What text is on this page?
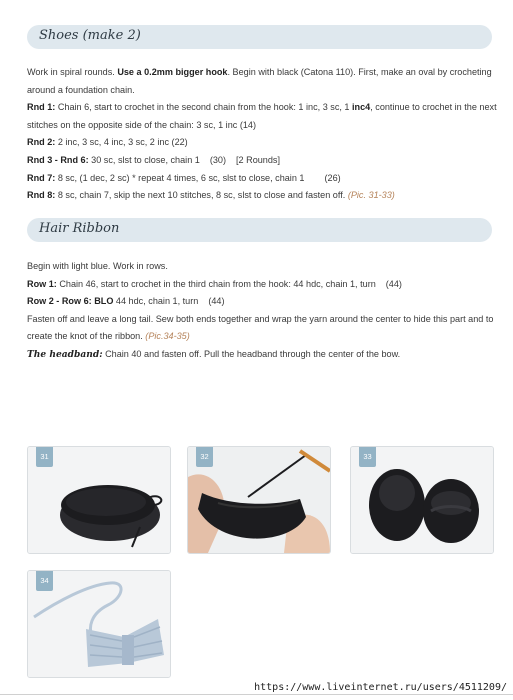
Shoes (make 2)

Work in spiral rounds. Use a 0.2mm bigger hook. Begin with black (Catona 110). First, make an oval by crocheting around a foundation chain.

Rnd 1: Chain 6, start to crochet in the second chain from the hook: 1 inc, 3 sc, 1 inc4, continue to crochet in the next stitches on the opposite side of the chain: 3 sc, 1 inc (14)

Rnd 2: 2 inc, 3 sc, 4 inc, 3 sc, 2 inc (22)

Rnd 3 - Rnd 6: 30 sc, slst to close, chain 1 (30) [2 Rounds]

Rnd 7: 8 sc, (1 dec, 2 sc) * repeat 4 times, 6 sc, slst to close, chain 1 (26)

Rnd 8: 8 sc, chain 7, skip the next 10 stitches, 8 sc, slst to close and fasten off. (Pic. 31-33)

Hair Ribbon

Begin with light blue. Work in rows.

Row 1: Chain 46, start to crochet in the third chain from the hook: 44 hdc, chain 1, turn (44)

Row 2 - Row 6: BLO 44 hdc, chain 1, turn (44)

Fasten off and leave a long tail. Sew both ends together and wrap the yarn around the center to hide this part and to create the knot of the ribbon. (Pic.34-35)

The headband: Chain 40 and fasten off. Pull the headband through the center of the bow.

31	32	33
34
https://www.liveinternet.ru/users/4511209/
